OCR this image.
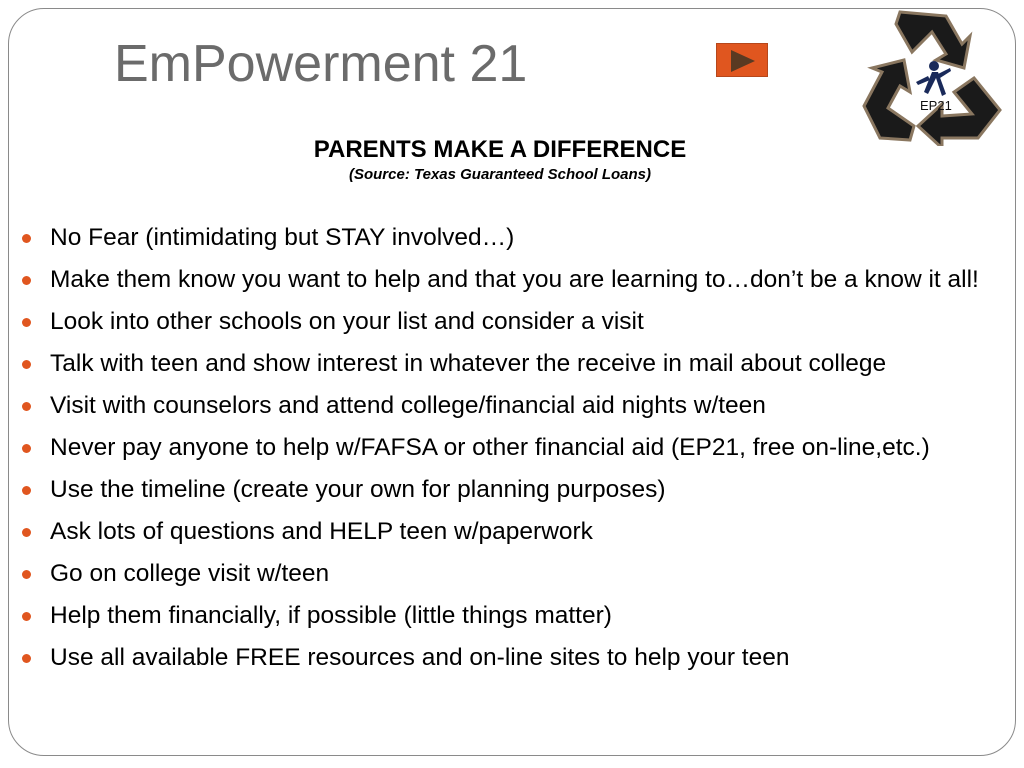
EmPowerment 21
EP21
PARENTS MAKE A DIFFERENCE
(Source: Texas Guaranteed School Loans)
No Fear (intimidating but STAY involved…)
Make them know you want to help and that you are learning to…don’t be a know it all!
Look into other schools on your list and consider a visit
Talk with teen and show interest in whatever the receive in mail about college
Visit with counselors and attend college/financial aid nights w/teen
Never pay anyone to help w/FAFSA or other financial aid (EP21, free on-line,etc.)
Use the timeline (create your own for planning purposes)
Ask lots of questions and HELP teen w/paperwork
Go on college visit w/teen
Help them financially, if possible (little things matter)
Use all available FREE resources and on-line sites to help your teen
